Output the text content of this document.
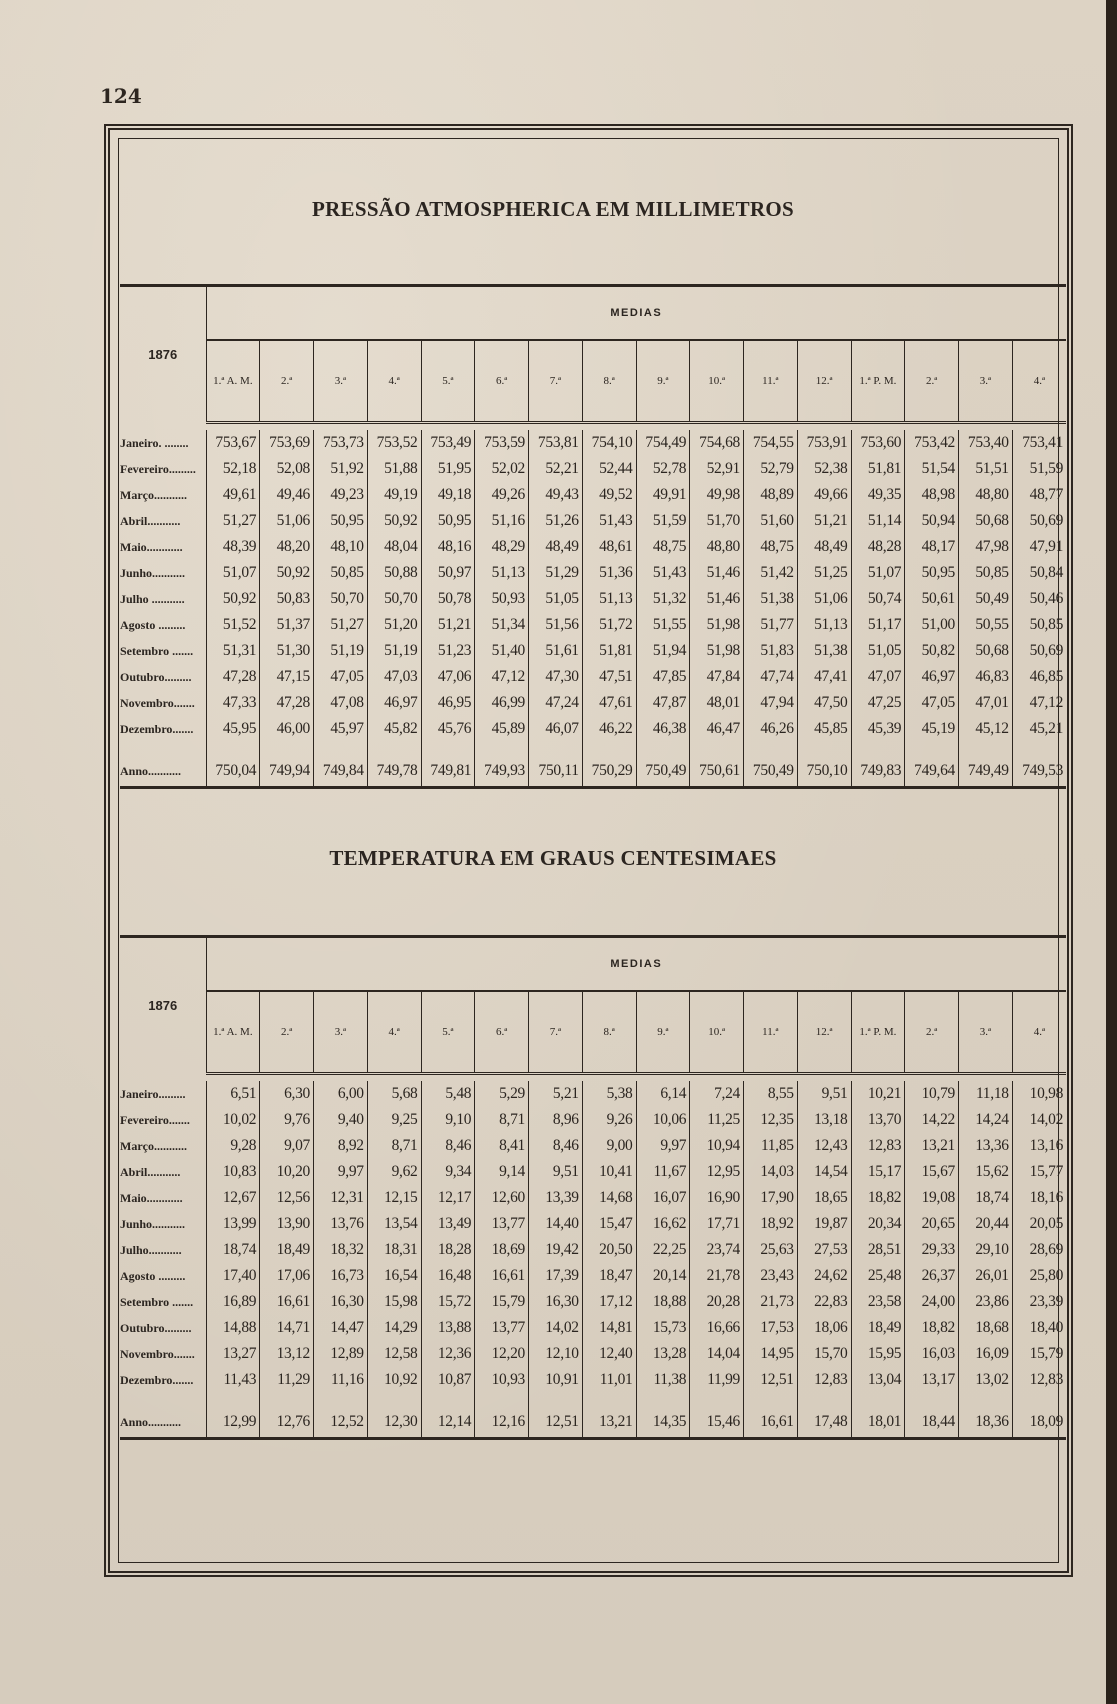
124
PRESSÃO ATMOSPHERICA EM MILLIMETROS
TEMPERATURA EM GRAUS CENTESIMAES
1876	MEDIAS															
	1.ª A. M.	2.ª	3.ª	4.ª	5.ª	6.ª	7.ª	8.ª	9.ª	10.ª	11.ª	12.ª	1.ª P. M.	2.ª	3.ª	4.ª

Janeiro. ........	753,67	753,69	753,73	753,52	753,49	753,59	753,81	754,10	754,49	754,68	754,55	753,91	753,60	753,42	753,40	753,41
Fevereiro.........	52,18	52,08	51,92	51,88	51,95	52,02	52,21	52,44	52,78	52,91	52,79	52,38	51,81	51,54	51,51	51,59
Março...........	49,61	49,46	49,23	49,19	49,18	49,26	49,43	49,52	49,91	49,98	48,89	49,66	49,35	48,98	48,80	48,77
Abril...........	51,27	51,06	50,95	50,92	50,95	51,16	51,26	51,43	51,59	51,70	51,60	51,21	51,14	50,94	50,68	50,69
Maio............	48,39	48,20	48,10	48,04	48,16	48,29	48,49	48,61	48,75	48,80	48,75	48,49	48,28	48,17	47,98	47,91
Junho...........	51,07	50,92	50,85	50,88	50,97	51,13	51,29	51,36	51,43	51,46	51,42	51,25	51,07	50,95	50,85	50,84
Julho ...........	50,92	50,83	50,70	50,70	50,78	50,93	51,05	51,13	51,32	51,46	51,38	51,06	50,74	50,61	50,49	50,46
Agosto .........	51,52	51,37	51,27	51,20	51,21	51,34	51,56	51,72	51,55	51,98	51,77	51,13	51,17	51,00	50,55	50,85
Setembro .......	51,31	51,30	51,19	51,19	51,23	51,40	51,61	51,81	51,94	51,98	51,83	51,38	51,05	50,82	50,68	50,69
Outubro.........	47,28	47,15	47,05	47,03	47,06	47,12	47,30	47,51	47,85	47,84	47,74	47,41	47,07	46,97	46,83	46,85
Novembro.......	47,33	47,28	47,08	46,97	46,95	46,99	47,24	47,61	47,87	48,01	47,94	47,50	47,25	47,05	47,01	47,12
Dezembro.......	45,95	46,00	45,97	45,82	45,76	45,89	46,07	46,22	46,38	46,47	46,26	45,85	45,39	45,19	45,12	45,21

Anno...........	750,04	749,94	749,84	749,78	749,81	749,93	750,11	750,29	750,49	750,61	750,49	750,10	749,83	749,64	749,49	749,53
1876	MEDIAS															
	1.ª A. M.	2.ª	3.ª	4.ª	5.ª	6.ª	7.ª	8.ª	9.ª	10.ª	11.ª	12.ª	1.ª P. M.	2.ª	3.ª	4.ª

Janeiro.........	6,51	6,30	6,00	5,68	5,48	5,29	5,21	5,38	6,14	7,24	8,55	9,51	10,21	10,79	11,18	10,98
Fevereiro.......	10,02	9,76	9,40	9,25	9,10	8,71	8,96	9,26	10,06	11,25	12,35	13,18	13,70	14,22	14,24	14,02
Março...........	9,28	9,07	8,92	8,71	8,46	8,41	8,46	9,00	9,97	10,94	11,85	12,43	12,83	13,21	13,36	13,16
Abril...........	10,83	10,20	9,97	9,62	9,34	9,14	9,51	10,41	11,67	12,95	14,03	14,54	15,17	15,67	15,62	15,77
Maio............	12,67	12,56	12,31	12,15	12,17	12,60	13,39	14,68	16,07	16,90	17,90	18,65	18,82	19,08	18,74	18,16
Junho...........	13,99	13,90	13,76	13,54	13,49	13,77	14,40	15,47	16,62	17,71	18,92	19,87	20,34	20,65	20,44	20,05
Julho...........	18,74	18,49	18,32	18,31	18,28	18,69	19,42	20,50	22,25	23,74	25,63	27,53	28,51	29,33	29,10	28,69
Agosto .........	17,40	17,06	16,73	16,54	16,48	16,61	17,39	18,47	20,14	21,78	23,43	24,62	25,48	26,37	26,01	25,80
Setembro .......	16,89	16,61	16,30	15,98	15,72	15,79	16,30	17,12	18,88	20,28	21,73	22,83	23,58	24,00	23,86	23,39
Outubro.........	14,88	14,71	14,47	14,29	13,88	13,77	14,02	14,81	15,73	16,66	17,53	18,06	18,49	18,82	18,68	18,40
Novembro.......	13,27	13,12	12,89	12,58	12,36	12,20	12,10	12,40	13,28	14,04	14,95	15,70	15,95	16,03	16,09	15,79
Dezembro.......	11,43	11,29	11,16	10,92	10,87	10,93	10,91	11,01	11,38	11,99	12,51	12,83	13,04	13,17	13,02	12,83

Anno...........	12,99	12,76	12,52	12,30	12,14	12,16	12,51	13,21	14,35	15,46	16,61	17,48	18,01	18,44	18,36	18,09
